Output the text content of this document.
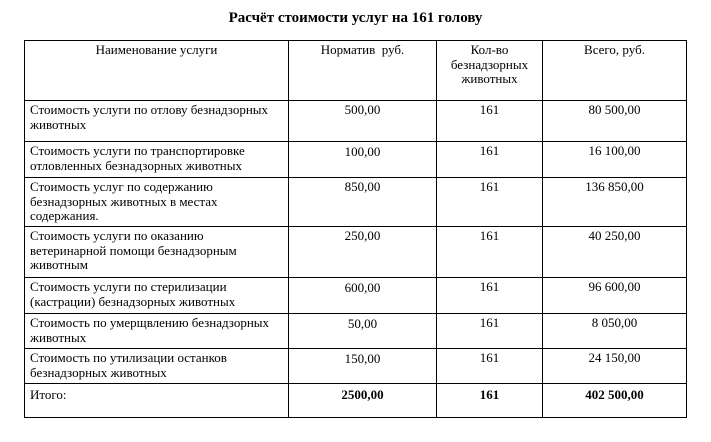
Расчёт стоимости услуг на 161 голову
Наименование услуги	Норматив  руб.	Кол-во безнадзорных животных	Всего, руб.
Стоимость услуги по отлову безнадзорных животных	500,00	161	80 500,00
Стоимость услуги по транспортировке отловленных безнадзорных животных	100,00	161	16 100,00
Стоимость услуг по содержанию безнадзорных животных в местах содержания.	850,00	161	136 850,00
Стоимость услуги по оказанию ветеринарной помощи безнадзорным животным	250,00	161	40 250,00
Стоимость услуги по стерилизации (кастрации) безнадзорных животных	600,00	161	96 600,00
Стоимость по умерщвлению безнадзорных животных	50,00	161	8 050,00
Стоимость по утилизации останков безнадзорных животных	150,00	161	24 150,00
Итого:	2500,00	161	402 500,00
